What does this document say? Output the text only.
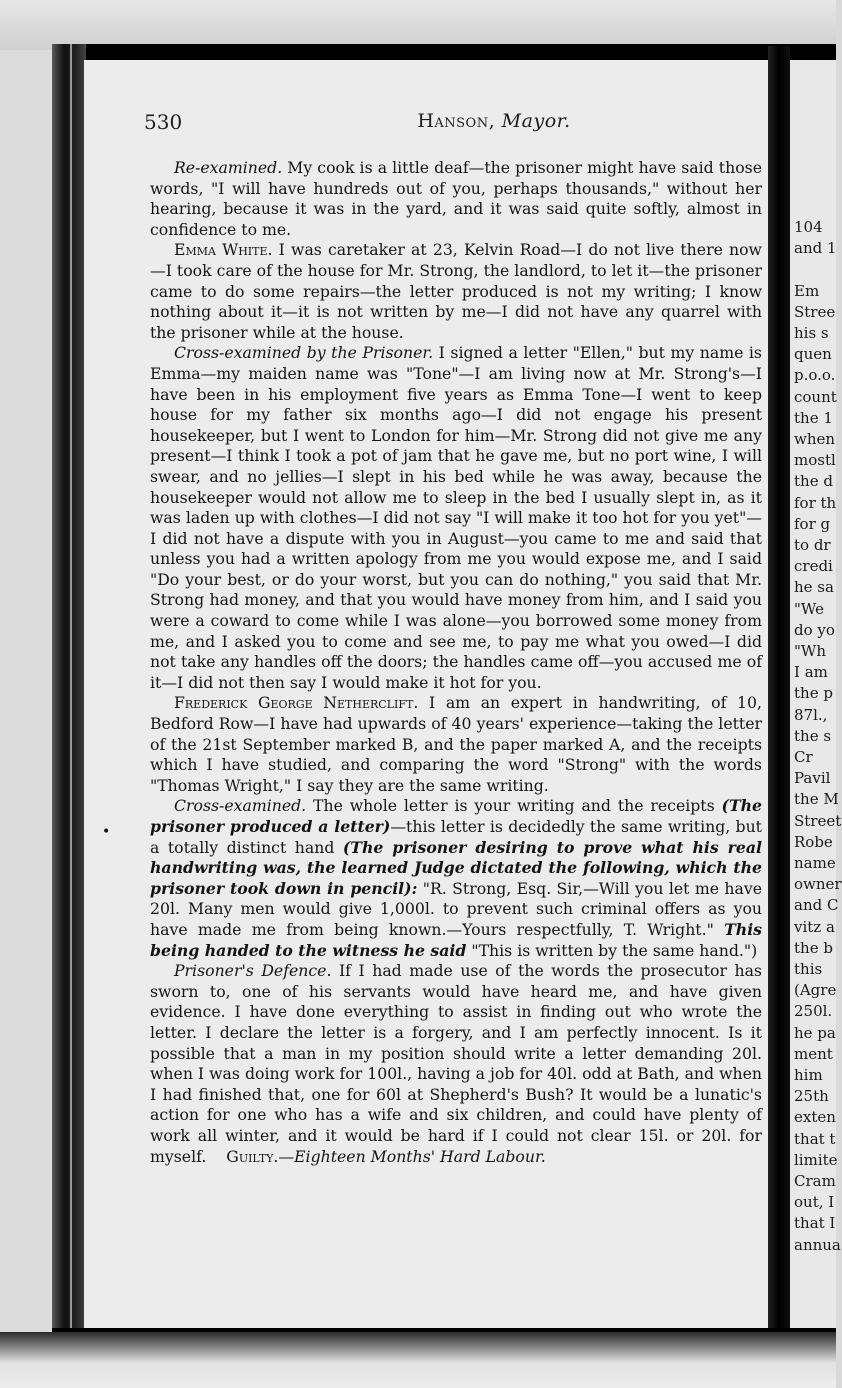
530	Hanson, Mayor.

Re-examined. My cook is a little deaf—the prisoner might have said those words, "I will have hundreds out of you, perhaps thousands," without her hearing, because it was in the yard, and it was said quite softly, almost in confidence to me.

Emma White. I was caretaker at 23, Kelvin Road—I do not live there now—I took care of the house for Mr. Strong, the landlord, to let it—the prisoner came to do some repairs—the letter produced is not my writing; I know nothing about it—it is not written by me—I did not have any quarrel with the prisoner while at the house.

Cross-examined by the Prisoner. I signed a letter "Ellen," but my name is Emma—my maiden name was "Tone"—I am living now at Mr. Strong's—I have been in his employment five years as Emma Tone—I went to keep house for my father six months ago—I did not engage his present housekeeper, but I went to London for him—Mr. Strong did not give me any present—I think I took a pot of jam that he gave me, but no port wine, I will swear, and no jellies—I slept in his bed while he was away, because the housekeeper would not allow me to sleep in the bed I usually slept in, as it was laden up with clothes—I did not say "I will make it too hot for you yet"—I did not have a dispute with you in August—you came to me and said that unless you had a written apology from me you would expose me, and I said "Do your best, or do your worst, but you can do nothing," you said that Mr. Strong had money, and that you would have money from him, and I said you were a coward to come while I was alone—you borrowed some money from me, and I asked you to come and see me, to pay me what you owed—I did not take any handles off the doors; the handles came off—you accused me of it—I did not then say I would make it hot for you.

Frederick George Netherclift. I am an expert in handwriting, of 10, Bedford Row—I have had upwards of 40 years' experience—taking the letter of the 21st September marked B, and the paper marked A, and the receipts which I have studied, and comparing the word "Strong" with the words "Thomas Wright," I say they are the same writing.

Cross-examined. The whole letter is your writing and the receipts (The prisoner produced a letter)—this letter is decidedly the same writing, but a totally distinct hand (The prisoner desiring to prove what his real handwriting was, the learned Judge dictated the following, which the prisoner took down in pencil): "R. Strong, Esq. Sir,—Will you let me have 20l. Many men would give 1,000l. to prevent such criminal offers as you have made me from being known.—Yours respectfully, T. Wright." This being handed to the witness he said "This is written by the same hand.")

Prisoner's Defence. If I had made use of the words the prosecutor has sworn to, one of his servants would have heard me, and have given evidence. I have done everything to assist in finding out who wrote the letter. I declare the letter is a forgery, and I am perfectly innocent. Is it possible that a man in my position should write a letter demanding 20l. when I was doing work for 100l., having a job for 40l. odd at Bath, and when I had finished that, one for 60l at Shepherd's Bush? It would be a lunatic's action for one who has a wife and six children, and could have plenty of work all winter, and it would be hard if I could not clear 15l. or 20l. for myself. Guilty.—Eighteen Months' Hard Labour.

•
104
and 1
Em
Stree
his s
quen
p.o.o.
count
the 1
when
mostl
the d
for th
for g
to dr
credi
he sa
"We
do yo
"Wh
I am
the p
87l.,
the s
Cr
Pavil
the M
Street
Robe
name
owner
and C
vitz a
the b
this
(Agre
250l.
he pa
ment
him
25th
exten
that t
limite
Cram
out, I
that I
annua
